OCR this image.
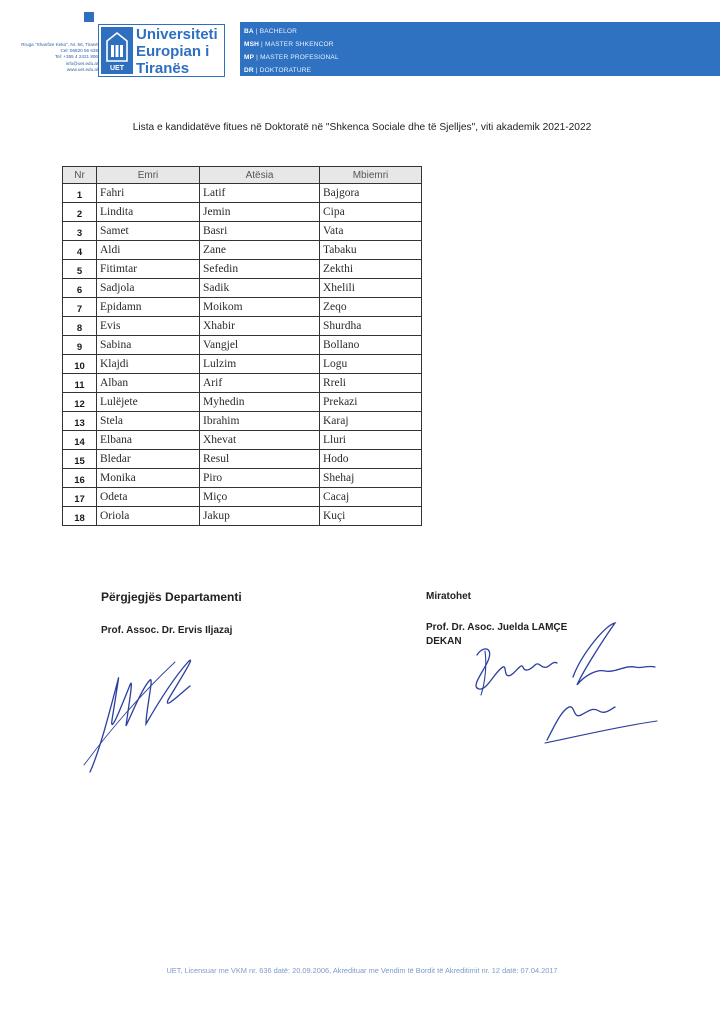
Rruga "Xhanfize Keko", Nr. 56, Tiranë
Cel: 06820 56 638
Tel: +355 4 2421 806
info@uet.edu.al
www.uet.edu.al UET
Universiteti
Europian i
Tiranës
BA | BACHELOR
MSH | MASTER SHKENCOR
MP | MASTER PROFESIONAL
DR | DOKTORATURE
Lista e kandidatëve fitues në Doktoratë në "Shkenca Sociale dhe të Sjelljes", viti akademik 2021-2022
Nr	Emri	Atësia	Mbiemri
1	Fahri	Latif	Bajgora
2	Lindita	Jemin	Cipa
3	Samet	Basri	Vata
4	Aldi	Zane	Tabaku
5	Fitimtar	Sefedin	Zekthi
6	Sadjola	Sadik	Xhelili
7	Epidamn	Moikom	Zeqo
8	Evis	Xhabir	Shurdha
9	Sabina	Vangjel	Bollano
10	Klajdi	Lulzim	Logu
11	Alban	Arif	Rreli
12	Lulëjete	Myhedin	Prekazi
13	Stela	Ibrahim	Karaj
14	Elbana	Xhevat	Lluri
15	Bledar	Resul	Hodo
16	Monika	Piro	Shehaj
17	Odeta	Miço	Cacaj
18	Oriola	Jakup	Kuçi
Përgjegjës Departamenti
Prof. Assoc. Dr. Ervis Iljazaj
Miratohet
Prof. Dr. Asoc. Juelda LAMÇE
DEKAN
UET, Licensuar me VKM nr. 636 datë: 20.09.2006, Akredituar me Vendim të Bordit të Akreditimit nr. 12 datë: 07.04.2017
